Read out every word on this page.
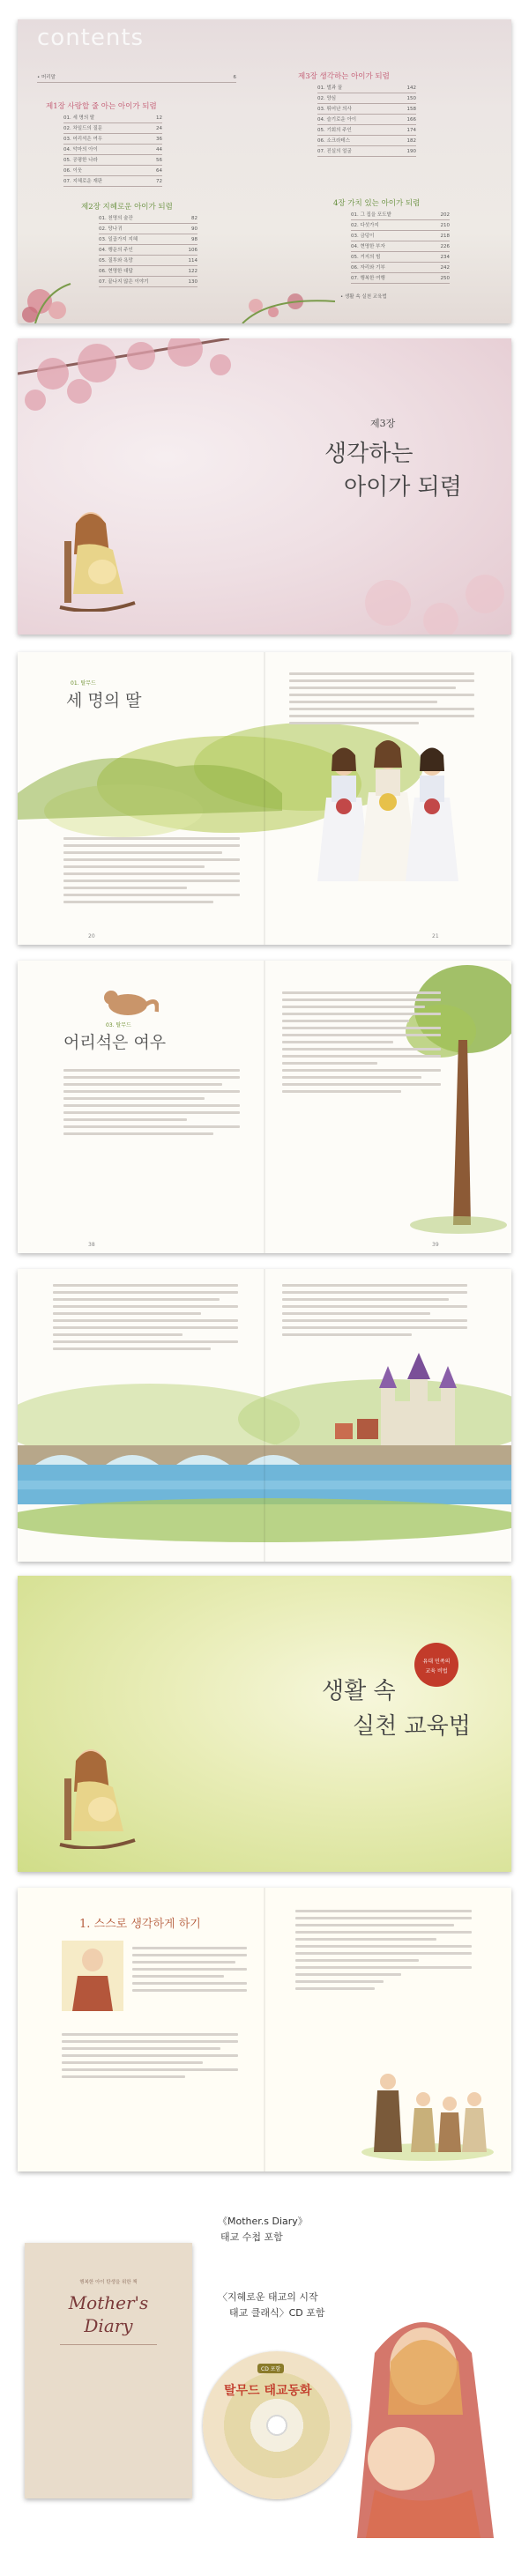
contents
• 머리말	6
제1장 사랑할 줄 아는 아이가 되렴
01. 세 명의 딸	12
02. 차일드의 질문	24
03. 어리석은 여우	36
04. 악마의 아이	44
05. 공평한 나라	56
06. 이웃	64
07. 지혜로운 재판	72
제2장 지혜로운 아이가 되렴
01. 천명의 술잔	82
02. 당나귀	90
03. 일곱가지 지혜	98
04. 행운의 주인	106
05. 질투와 욕망	114
06. 현명한 대답	122
07. 끝나지 않은 이야기	130
제3장 생각하는 아이가 되렴
01. 벌과 꿀	142
02. 양심	150
03. 뛰어난 의사	158
04. 슬기로운 아이	166
05. 기회의 주인	174
06. 소크라테스	182
07. 진실의 얼굴	190
4장 가치 있는 아이가 되렴
01. 그 집을 포도밭	202
02. 다섯가지	210
03. 금덩이	218
04. 현명한 부자	226
05. 거지의 힘	234
06. 자리와 기부	242
07. 행복한 여행	250
• 생활 속 실천 교육법
제3장
생각하는
아이가 되렴
01. 탈무드
세 명의 딸
20	21
03. 탈무드
어리석은 여우
38	39
유대 민족의
교육 비법
생활 속
실천 교육법
1. 스스로 생각하게 하기
행복한 아이 탄생을 위한 책
Mother's
Diary
《Mother.s Diary》
태교 수첩 포함
〈지혜로운 태교의 시작
태교 클래식〉CD 포함
CD 포함
탈무드 태교동화
